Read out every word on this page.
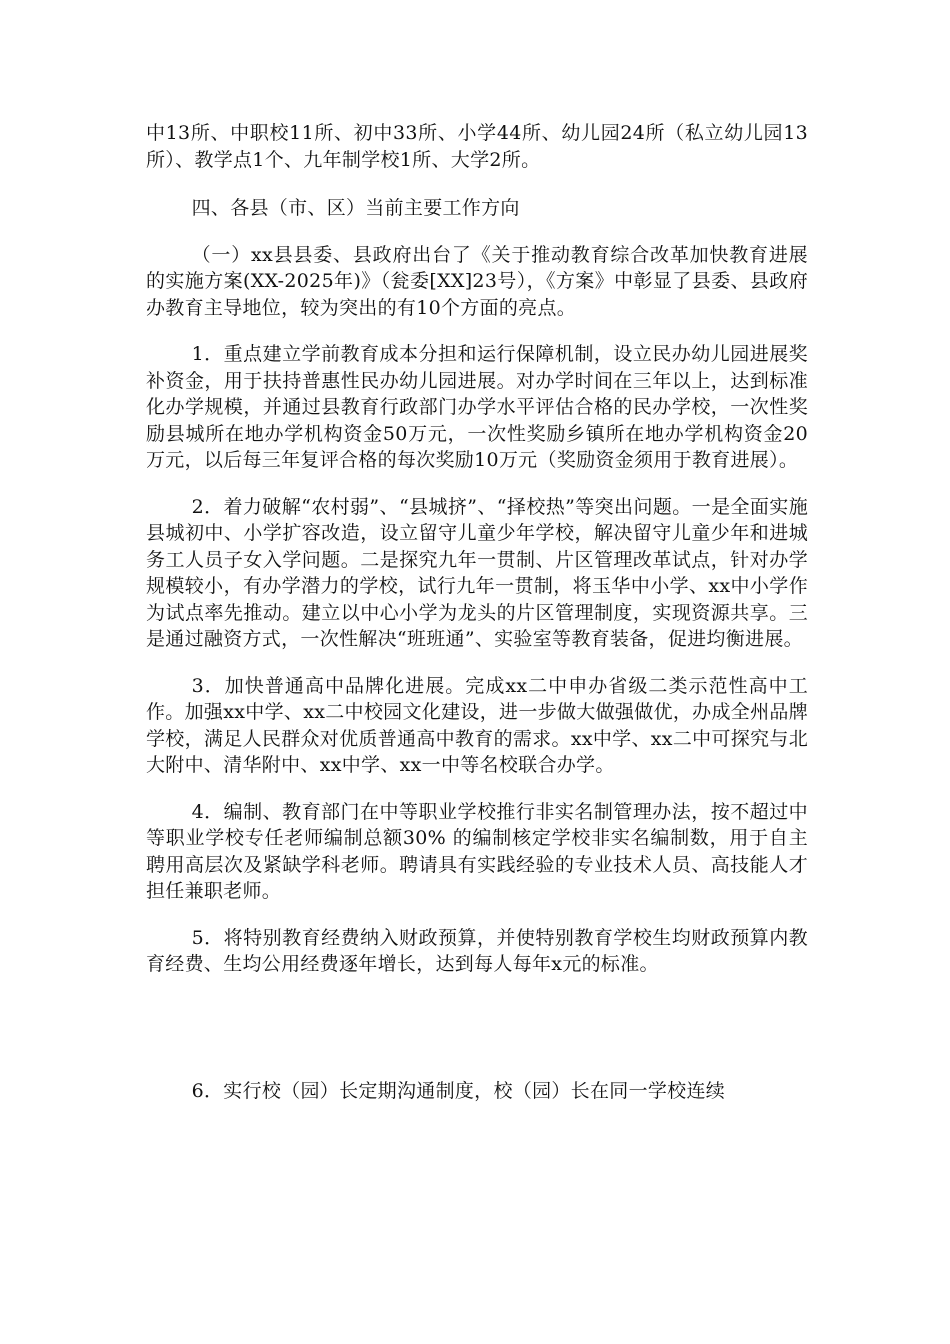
中13所、中职校11所、初中33所、小学44所、幼儿园24所（私立幼儿园13所）、教学点1个、九年制学校1所、大学2所。

四、各县（市、区）当前主要工作方向

（一）xx县县委、县政府出台了《关于推动教育综合改革加快教育进展的实施方案(XX-2025年)》（瓮委[XX]23号），《方案》中彰显了县委、县政府办教育主导地位，较为突出的有10个方面的亮点。

1．重点建立学前教育成本分担和运行保障机制，设立民办幼儿园进展奖补资金，用于扶持普惠性民办幼儿园进展。对办学时间在三年以上，达到标准化办学规模，并通过县教育行政部门办学水平评估合格的民办学校，一次性奖励县城所在地办学机构资金50万元，一次性奖励乡镇所在地办学机构资金20万元，以后每三年复评合格的每次奖励10万元（奖励资金须用于教育进展）。

2．着力破解“农村弱”、“县城挤”、“择校热”等突出问题。一是全面实施县城初中、小学扩容改造，设立留守儿童少年学校，解决留守儿童少年和进城务工人员子女入学问题。二是探究九年一贯制、片区管理改革试点，针对办学规模较小，有办学潜力的学校，试行九年一贯制，将玉华中小学、xx中小学作为试点率先推动。建立以中心小学为龙头的片区管理制度，实现资源共享。三是通过融资方式，一次性解决“班班通”、实验室等教育装备，促进均衡进展。

3．加快普通高中品牌化进展。完成xx二中申办省级二类示范性高中工作。加强xx中学、xx二中校园文化建设，进一步做大做强做优，办成全州品牌学校，满足人民群众对优质普通高中教育的需求。xx中学、xx二中可探究与北大附中、清华附中、xx中学、xx一中等名校联合办学。

4．编制、教育部门在中等职业学校推行非实名制管理办法，按不超过中等职业学校专任老师编制总额30% 的编制核定学校非实名编制数，用于自主聘用高层次及紧缺学科老师。聘请具有实践经验的专业技术人员、高技能人才担任兼职老师。

5．将特别教育经费纳入财政预算，并使特别教育学校生均财政预算内教育经费、生均公用经费逐年增长，达到每人每年x元的标准。

6．实行校（园）长定期沟通制度，校（园）长在同一学校连续
